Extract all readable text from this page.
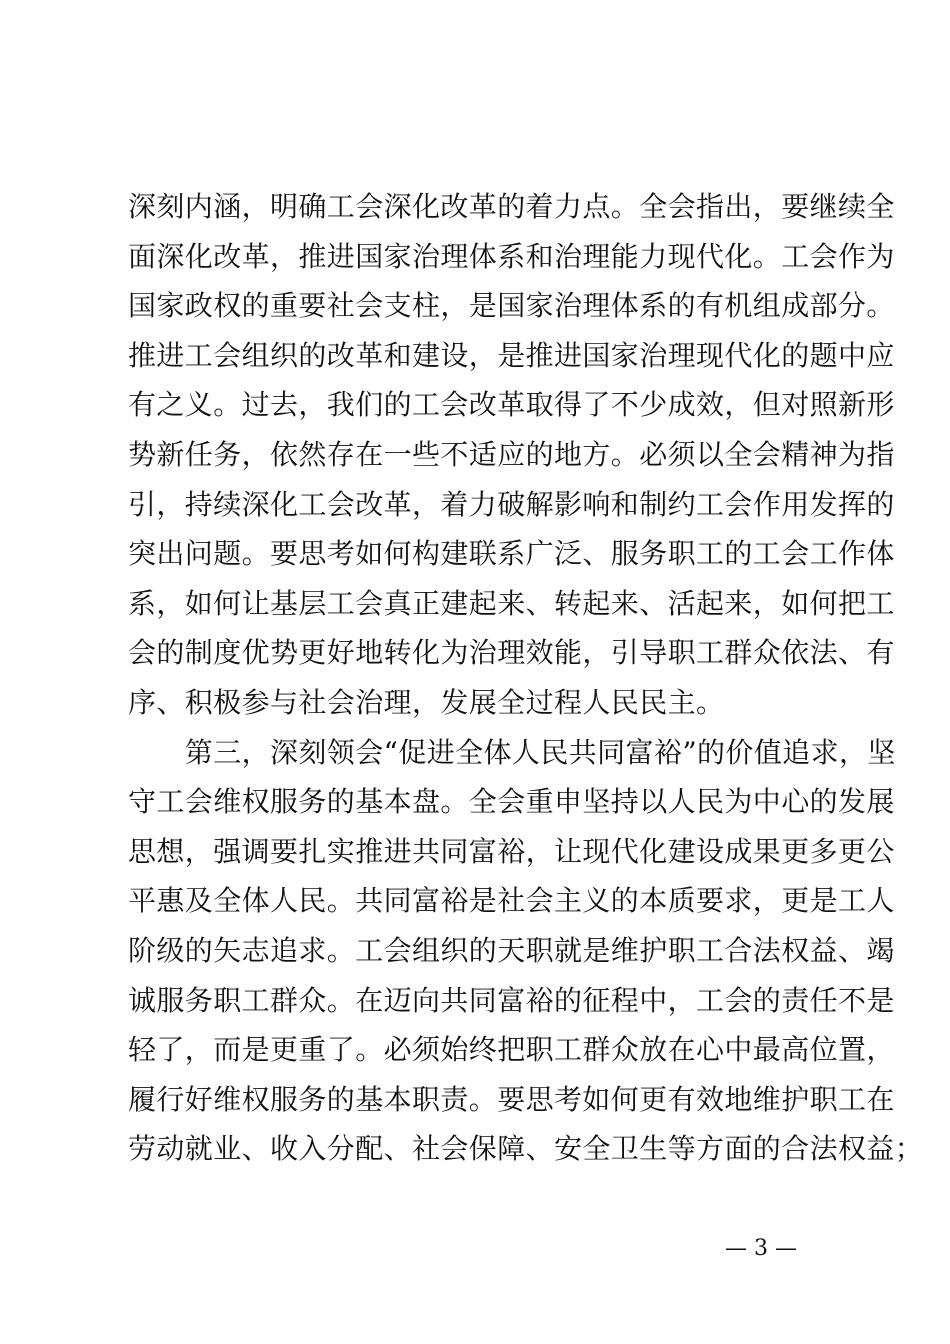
深刻内涵，明确工会深化改革的着力点。全会指出，要继续全
面深化改革，推进国家治理体系和治理能力现代化。工会作为
国家政权的重要社会支柱，是国家治理体系的有机组成部分。
推进工会组织的改革和建设，是推进国家治理现代化的题中应
有之义。过去，我们的工会改革取得了不少成效，但对照新形
势新任务，依然存在一些不适应的地方。必须以全会精神为指
引，持续深化工会改革，着力破解影响和制约工会作用发挥的
突出问题。要思考如何构建联系广泛、服务职工的工会工作体
系，如何让基层工会真正建起来、转起来、活起来，如何把工
会的制度优势更好地转化为治理效能，引导职工群众依法、有
序、积极参与社会治理，发展全过程人民民主。
　　第三，深刻领会“促进全体人民共同富裕”的价值追求，坚
守工会维权服务的基本盘。全会重申坚持以人民为中心的发展
思想，强调要扎实推进共同富裕，让现代化建设成果更多更公
平惠及全体人民。共同富裕是社会主义的本质要求，更是工人
阶级的矢志追求。工会组织的天职就是维护职工合法权益、竭
诚服务职工群众。在迈向共同富裕的征程中，工会的责任不是
轻了，而是更重了。必须始终把职工群众放在心中最高位置，
履行好维权服务的基本职责。要思考如何更有效地维护职工在
劳动就业、收入分配、社会保障、安全卫生等方面的合法权益；
— 3 —
